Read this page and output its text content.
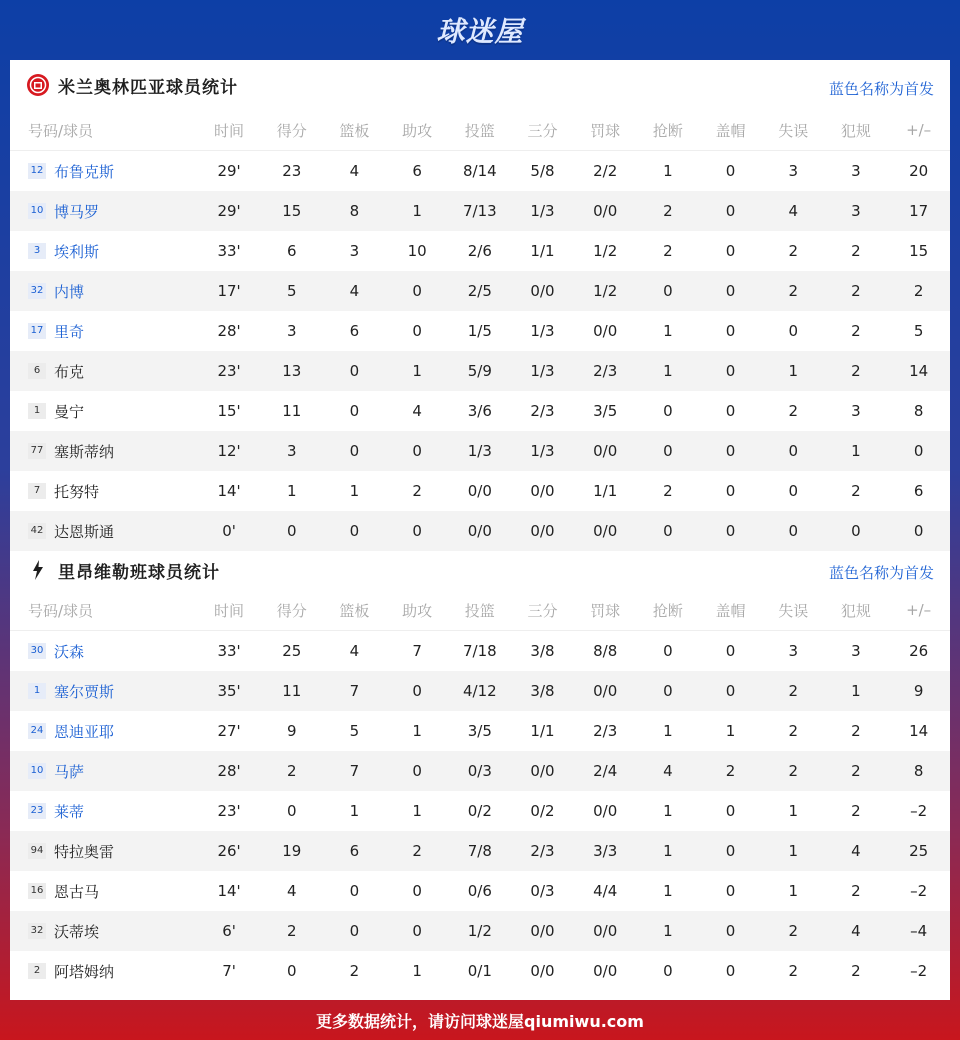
球迷屋
米兰奥林匹亚球员统计	蓝色名称为首发
号码/球员	时间	得分	篮板	助攻	投篮	三分	罚球	抢断	盖帽	失误	犯规	+/–
12 布鲁克斯	29'	23	4	6	8/14	5/8	2/2	1	0	3	3	20
10 博马罗	29'	15	8	1	7/13	1/3	0/0	2	0	4	3	17
3 埃利斯	33'	6	3	10	2/6	1/1	1/2	2	0	2	2	15
32 内博	17'	5	4	0	2/5	0/0	1/2	0	0	2	2	2
17 里奇	28'	3	6	0	1/5	1/3	0/0	1	0	0	2	5
6 布克	23'	13	0	1	5/9	1/3	2/3	1	0	1	2	14
1 曼宁	15'	11	0	4	3/6	2/3	3/5	0	0	2	3	8
77 塞斯蒂纳	12'	3	0	0	1/3	1/3	0/0	0	0	0	1	0
7 托努特	14'	1	1	2	0/0	0/0	1/1	2	0	0	2	6
42 达恩斯通	0'	0	0	0	0/0	0/0	0/0	0	0	0	0	0
里昂维勒班球员统计	蓝色名称为首发
号码/球员	时间	得分	篮板	助攻	投篮	三分	罚球	抢断	盖帽	失误	犯规	+/–
30 沃森	33'	25	4	7	7/18	3/8	8/8	0	0	3	3	26
1 塞尔贾斯	35'	11	7	0	4/12	3/8	0/0	0	0	2	1	9
24 恩迪亚耶	27'	9	5	1	3/5	1/1	2/3	1	1	2	2	14
10 马萨	28'	2	7	0	0/3	0/0	2/4	4	2	2	2	8
23 莱蒂	23'	0	1	1	0/2	0/2	0/0	1	0	1	2	–2
94 特拉奥雷	26'	19	6	2	7/8	2/3	3/3	1	0	1	4	25
16 恩古马	14'	4	0	0	0/6	0/3	4/4	1	0	1	2	–2
32 沃蒂埃	6'	2	0	0	1/2	0/0	0/0	1	0	2	4	–4
2 阿塔姆纳	7'	0	2	1	0/1	0/0	0/0	0	0	2	2	–2
更多数据统计，请访问球迷屋qiumiwu.com
